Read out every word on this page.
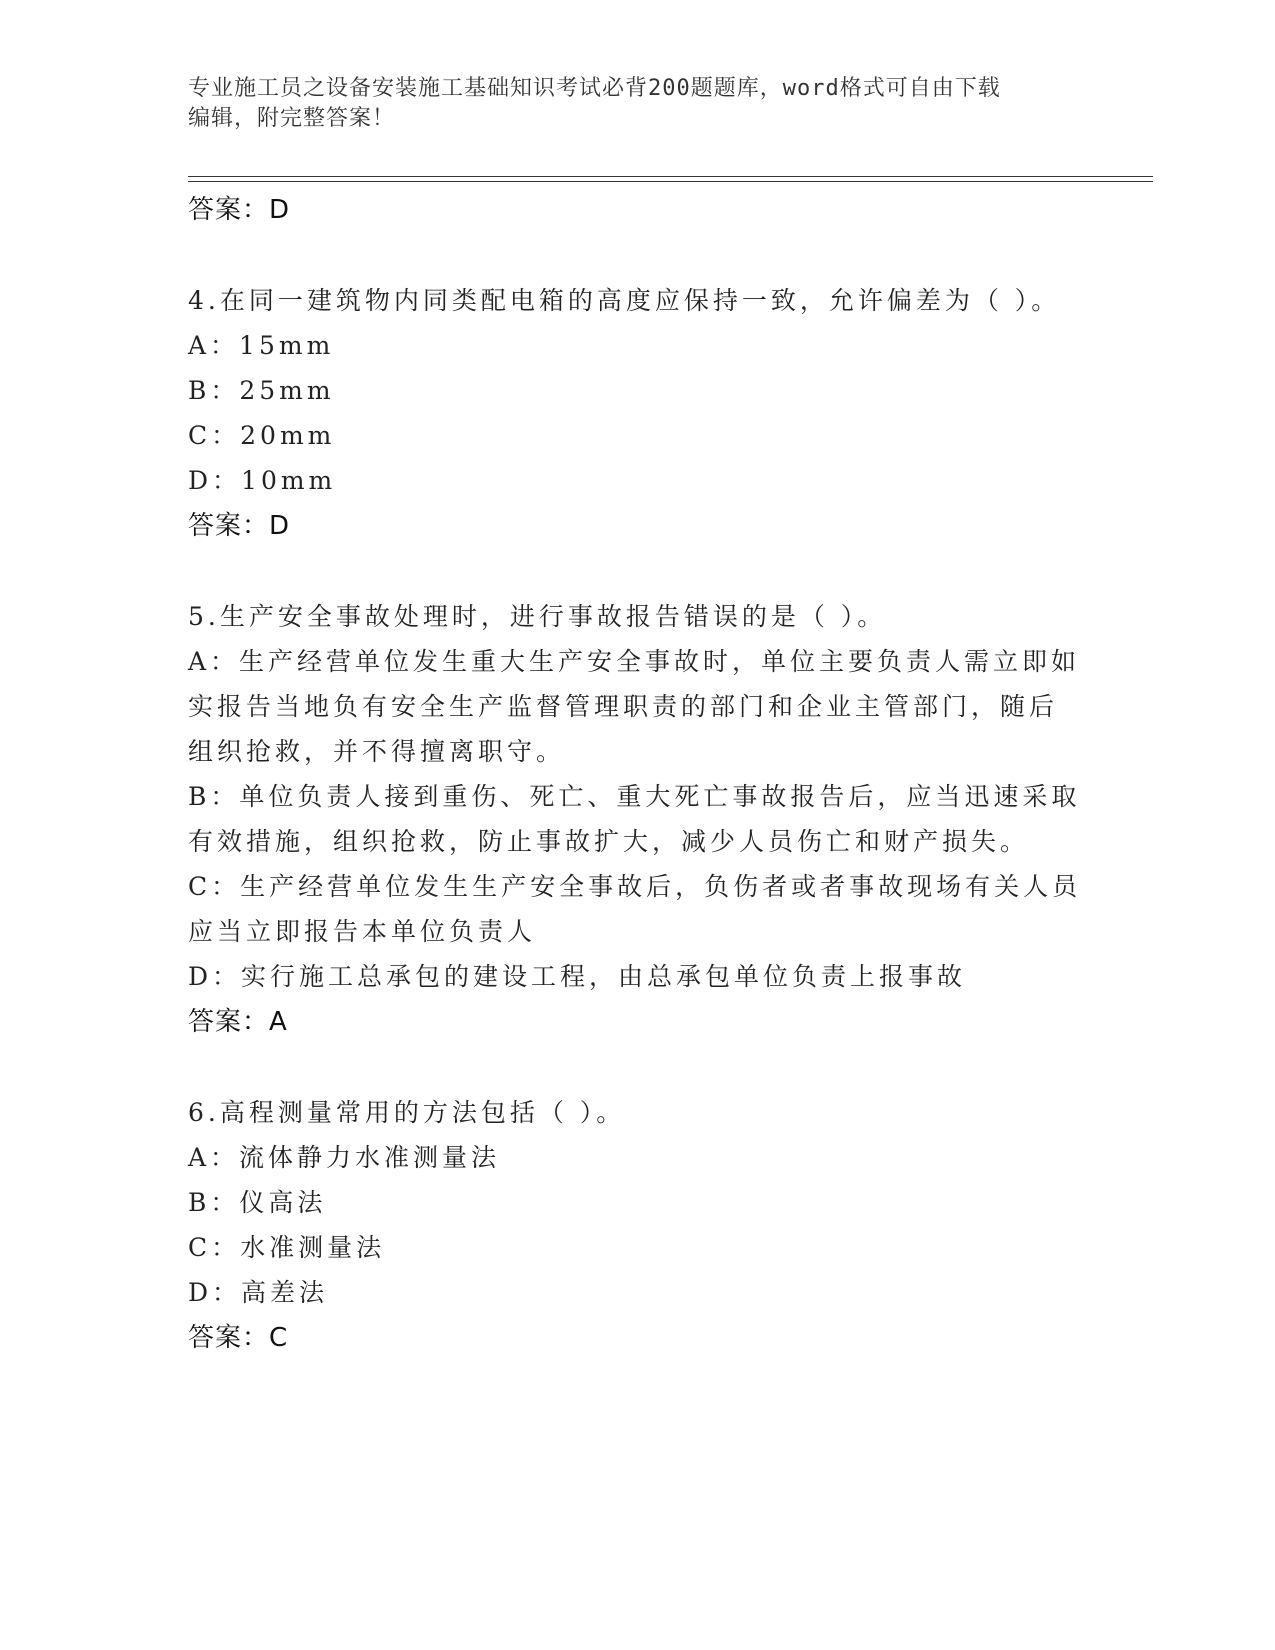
专业施工员之设备安装施工基础知识考试必背200题题库，word格式可自由下载
编辑，附完整答案！
答案：D
4.在同一建筑物内同类配电箱的高度应保持一致，允许偏差为（ ）。
A：15mm
B：25mm
C：20mm
D：10mm
答案：D
5.生产安全事故处理时，进行事故报告错误的是（ ）。
A：生产经营单位发生重大生产安全事故时，单位主要负责人需立即如
实报告当地负有安全生产监督管理职责的部门和企业主管部门，随后
组织抢救，并不得擅离职守。
B：单位负责人接到重伤、死亡、重大死亡事故报告后，应当迅速采取
有效措施，组织抢救，防止事故扩大，减少人员伤亡和财产损失。
C：生产经营单位发生生产安全事故后，负伤者或者事故现场有关人员
应当立即报告本单位负责人
D：实行施工总承包的建设工程，由总承包单位负责上报事故
答案：A
6.高程测量常用的方法包括（ ）。
A：流体静力水准测量法
B：仪高法
C：水准测量法
D：高差法
答案：C
